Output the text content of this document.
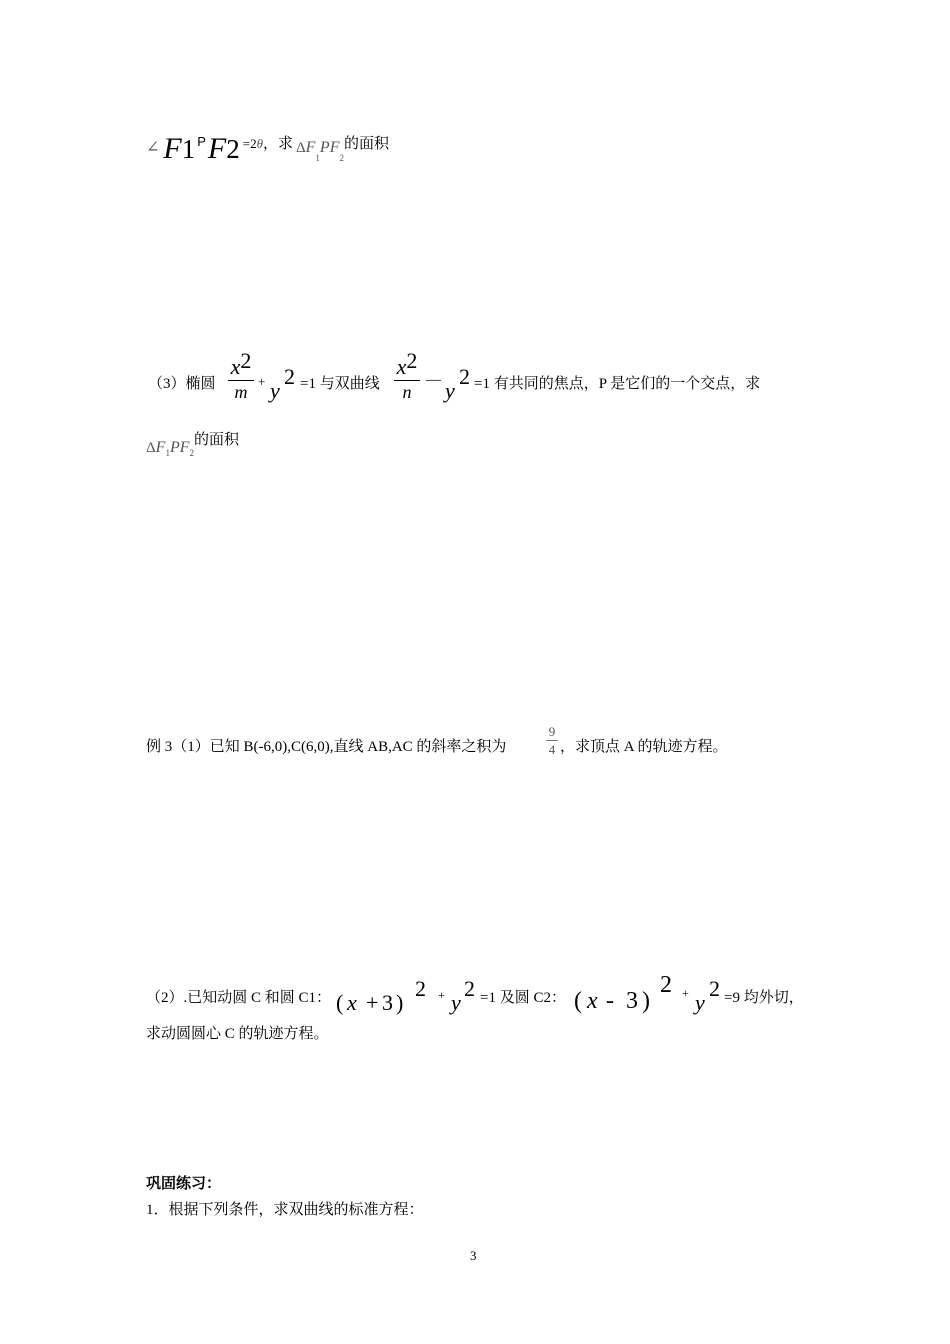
∠ F1 PF2 =2θ，求 $\Delta F_1PF_2$的面积
（3）椭圆
x2
m
+ y
2 =1 与双曲线
x2
n
— y
2 =1 有共同的焦点，P 是它们的一个交点，求
$\Delta F_1PF_2$的面积
例 3（1）已知 B(-6,0),C(6,0),直线 AB,AC 的斜率之积为
9
4 ，求顶点 A 的轨迹方程。
（2）.已知动圆 C 和圆 C1： ( x + 3 )
2 + y
2 =1 及圆 C2： ( x - 3 )
2 + y
2 =9 均外切，
求动圆圆心 C 的轨迹方程。
巩固练习：
1．根据下列条件，求双曲线的标准方程：
3
